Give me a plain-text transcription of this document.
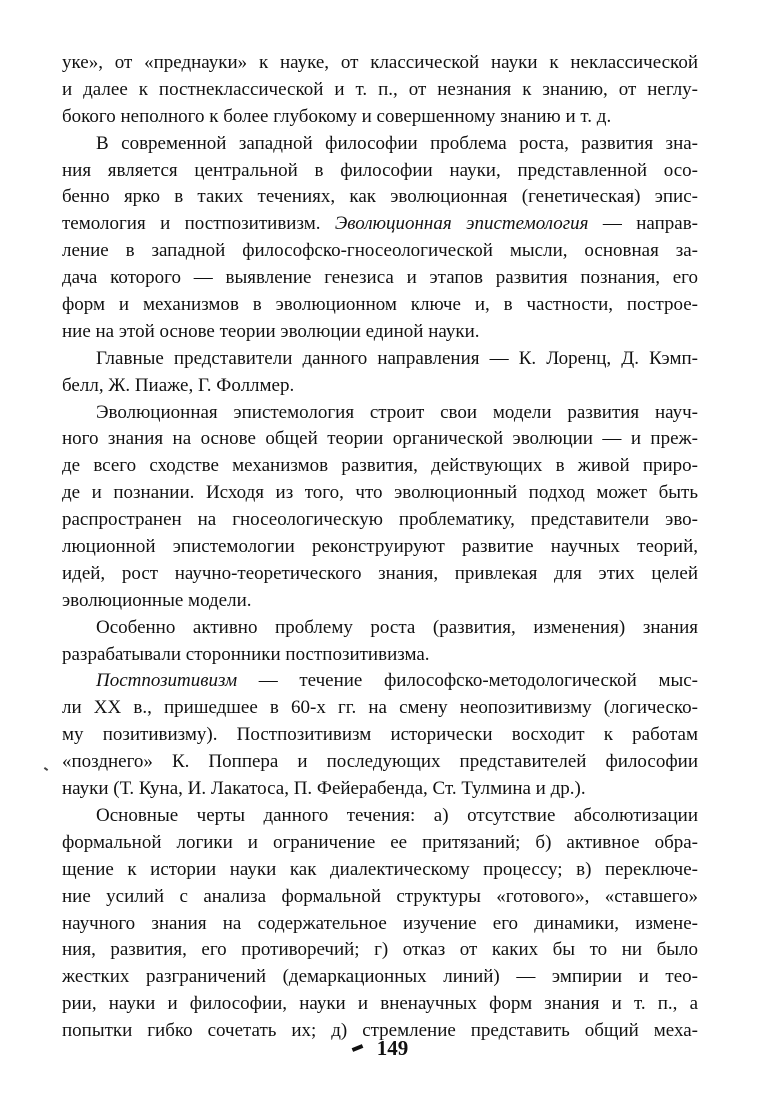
уке», от «преднауки» к науке, от классической науки к неклассической
и далее к постнеклассической и т. п., от незнания к знанию, от неглу-
бокого неполного к более глубокому и совершенному знанию и т. д.
В современной западной философии проблема роста, развития зна-
ния является центральной в философии науки, представленной осо-
бенно ярко в таких течениях, как эволюционная (генетическая) эпис-
темология и постпозитивизм. Эволюционная эпистемология — направ-
ление в западной философско-гносеологической мысли, основная за-
дача которого — выявление генезиса и этапов развития познания, его
форм и механизмов в эволюционном ключе и, в частности, построе-
ние на этой основе теории эволюции единой науки.
Главные представители данного направления — К. Лоренц, Д. Кэмп-
белл, Ж. Пиаже, Г. Фоллмер.
Эволюционная эпистемология строит свои модели развития науч-
ного знания на основе общей теории органической эволюции — и преж-
де всего сходстве механизмов развития, действующих в живой приро-
де и познании. Исходя из того, что эволюционный подход может быть
распространен на гносеологическую проблематику, представители эво-
люционной эпистемологии реконструируют развитие научных теорий,
идей, рост научно-теоретического знания, привлекая для этих целей
эволюционные модели.
Особенно активно проблему роста (развития, изменения) знания
разрабатывали сторонники постпозитивизма.
Постпозитивизм — течение философско-методологической мыс-
ли XX в., пришедшее в 60-х гг. на смену неопозитивизму (логическо-
му позитивизму). Постпозитивизм исторически восходит к работам
«позднего» К. Поппера и последующих представителей философии
науки (Т. Куна, И. Лакатоса, П. Фейерабенда, Ст. Тулмина и др.).
Основные черты данного течения: а) отсутствие абсолютизации
формальной логики и ограничение ее притязаний; б) активное обра-
щение к истории науки как диалектическому процессу; в) переключе-
ние усилий с анализа формальной структуры «готового», «ставшего»
научного знания на содержательное изучение его динамики, измене-
ния, развития, его противоречий; г) отказ от каких бы то ни было
жестких разграничений (демаркационных линий) — эмпирии и тео-
рии, науки и философии, науки и вненаучных форм знания и т. п., а
попытки гибко сочетать их; д) стремление представить общий меха-
149
